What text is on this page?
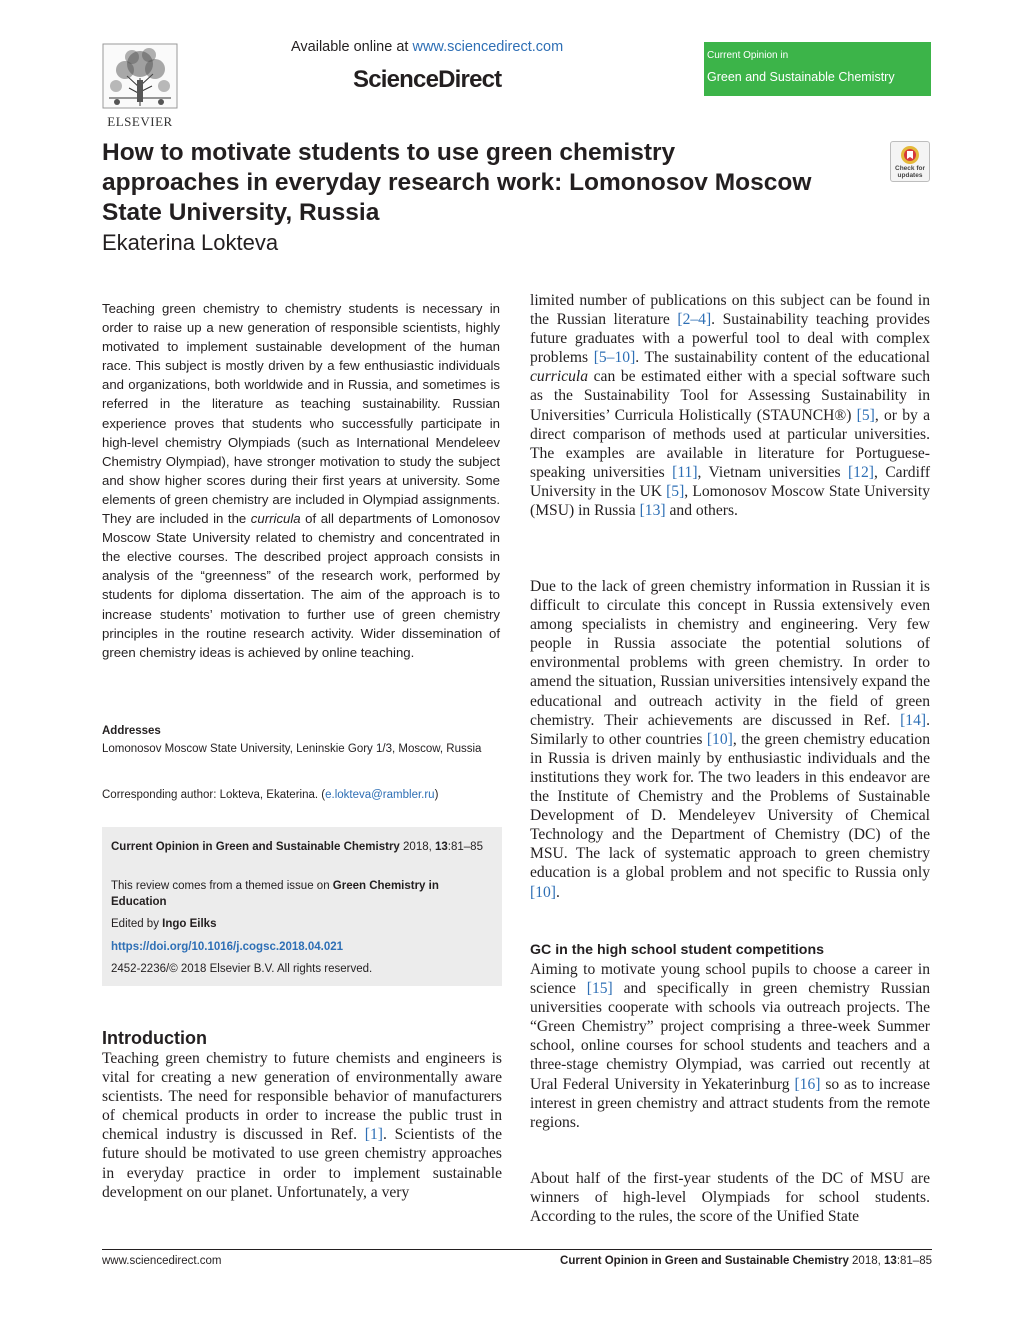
ELSEVIER
Available online at www.sciencedirect.com
ScienceDirect
Current Opinion in
Green and Sustainable Chemistry
How to motivate students to use green chemistry approaches in everyday research work: Lomonosov Moscow State University, Russia
Ekaterina Lokteva
Check for updates

Teaching green chemistry to chemistry students is necessary in order to raise up a new generation of responsible scientists, highly motivated to implement sustainable development of the human race. This subject is mostly driven by a few enthusiastic individuals and organizations, both worldwide and in Russia, and sometimes is referred in the literature as teaching sustainability. Russian experience proves that students who successfully participate in high-level chemistry Olympiads (such as International Mendeleev Chemistry Olympiad), have stronger motivation to study the subject and show higher scores during their first years at university. Some elements of green chemistry are included in Olympiad assignments. They are included in the curricula of all departments of Lomonosov Moscow State University related to chemistry and concentrated in the elective courses. The described project approach consists in analysis of the “greenness” of the research work, performed by students for diploma dissertation. The aim of the approach is to increase students’ motivation to further use of green chemistry principles in the routine research activity. Wider dissemination of green chemistry ideas is achieved by online teaching.

Addresses

Lomonosov Moscow State University, Leninskie Gory 1/3, Moscow, Russia

Corresponding author: Lokteva, Ekaterina. (e.lokteva@rambler.ru)
Current Opinion in Green and Sustainable Chemistry 2018, 13:81–85
This review comes from a themed issue on Green Chemistry in Education
Edited by Ingo Eilks
https://doi.org/10.1016/j.cogsc.2018.04.021
2452-2236/© 2018 Elsevier B.V. All rights reserved.
Introduction

Teaching green chemistry to future chemists and engineers is vital for creating a new generation of environmentally aware scientists. The need for responsible behavior of manufacturers of chemical products in order to increase the public trust in chemical industry is discussed in Ref. [1]. Scientists of the future should be motivated to use green chemistry approaches in everyday practice in order to implement sustainable development on our planet. Unfortunately, a very

limited number of publications on this subject can be found in the Russian literature [2–4]. Sustainability teaching provides future graduates with a powerful tool to deal with complex problems [5–10]. The sustainability content of the educational curricula can be estimated either with a special software such as the Sustainability Tool for Assessing Sustainability in Universities’ Curricula Holistically (STAUNCH®) [5], or by a direct comparison of methods used at particular universities. The examples are available in literature for Portuguese-speaking universities [11], Vietnam universities [12], Cardiff University in the UK [5], Lomonosov Moscow State University (MSU) in Russia [13] and others.

Due to the lack of green chemistry information in Russian it is difficult to circulate this concept in Russia extensively even among specialists in chemistry and engineering. Very few people in Russia associate the potential solutions of environmental problems with green chemistry. In order to amend the situation, Russian universities intensively expand the educational and outreach activity in the field of green chemistry. Their achievements are discussed in Ref. [14]. Similarly to other countries [10], the green chemistry education in Russia is driven mainly by enthusiastic individuals and the institutions they work for. The two leaders in this endeavor are the Institute of Chemistry and the Problems of Sustainable Development of D. Mendeleyev University of Chemical Technology and the Department of Chemistry (DC) of the MSU. The lack of systematic approach to green chemistry education is a global problem and not specific to Russia only [10].

GC in the high school student competitions

Aiming to motivate young school pupils to choose a career in science [15] and specifically in green chemistry Russian universities cooperate with schools via outreach projects. The “Green Chemistry” project comprising a three-week Summer school, online courses for school students and teachers and a three-stage chemistry Olympiad, was carried out recently at Ural Federal University in Yekaterinburg [16] so as to increase interest in green chemistry and attract students from the remote regions.

About half of the first-year students of the DC of MSU are winners of high-level Olympiads for school students. According to the rules, the score of the Unified State

www.sciencedirect.com	Current Opinion in Green and Sustainable Chemistry 2018, 13:81–85
